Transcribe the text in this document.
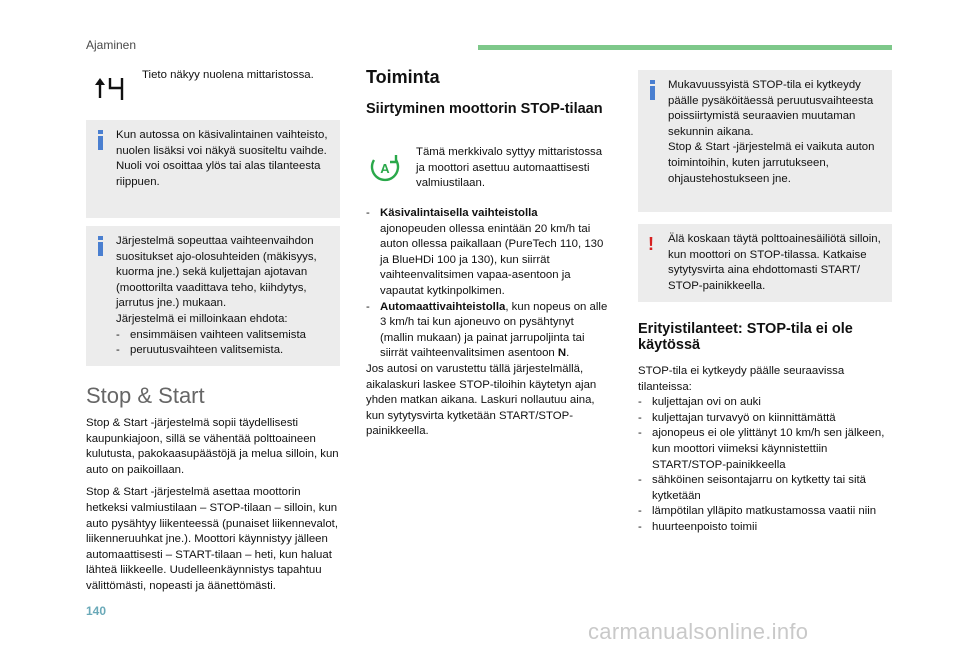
Ajaminen
Tieto näkyy nuolena mittaristossa.

Kun autossa on käsivalintainen vaihteisto, nuolen lisäksi voi näkyä suositeltu vaihde. Nuoli voi osoittaa ylös tai alas tilanteesta riippuen.

Järjestelmä sopeuttaa vaihteenvaihdon suositukset ajo-olosuhteiden (mäkisyys, kuorma jne.) sekä kuljettajan ajotavan (moottorilta vaadittava teho, kiihdytys, jarrutus jne.) mukaan.

Järjestelmä ei milloinkaan ehdota:

- ensimmäisen vaihteen valitsemista
- peruutusvaihteen valitsemista.
Stop & Start

Stop & Start -järjestelmä sopii täydellisesti kaupunkiajoon, sillä se vähentää polttoaineen kulutusta, pakokaasupäästöjä ja melua silloin, kun auto on paikoillaan.

Stop & Start -järjestelmä asettaa moottorin hetkeksi valmiustilaan – STOP-tilaan – silloin, kun auto pysähtyy liikenteessä (punaiset liikennevalot, liikenneruuhkat jne.). Moottori käynnistyy jälleen automaattisesti – START-tilaan – heti, kun haluat lähteä liikkeelle. Uudelleenkäynnistys tapahtuu välittömästi, nopeasti ja äänettömästi.

Toiminta
Siirtyminen moottorin STOP-tilaan
A
Tämä merkkivalo syttyy mittaristossa ja moottori asettuu automaattisesti valmiustilaan.
- Käsivalintaisella vaihteistolla
ajonopeuden ollessa enintään 20 km/h tai auton ollessa paikallaan (PureTech 110, 130 ja BlueHDi 100 ja 130), kun siirrät vaihteenvalitsimen vapaa-asentoon ja vapautat kytkinpolkimen.
- Automaattivaihteistolla, kun nopeus on alle 3 km/h tai kun ajoneuvo on pysähtynyt (mallin mukaan) ja painat jarrupoljinta tai siirrät vaihteenvalitsimen asentoon N.

Jos autosi on varustettu tällä järjestelmällä, aikalaskuri laskee STOP-tiloihin käytetyn ajan yhden matkan aikana. Laskuri nollautuu aina, kun sytytysvirta kytketään START/STOP-painikkeella.

Mukavuussyistä STOP-tila ei kytkeydy päälle pysäköitäessä peruutusvaihteesta poissiirtymistä seuraavien muutaman sekunnin aikana.

Stop & Start -järjestelmä ei vaikuta auton toimintoihin, kuten jarrutukseen, ohjaustehostukseen jne.

! Älä koskaan täytä polttoainesäiliötä silloin, kun moottori on STOP-tilassa. Katkaise sytytysvirta aina ehdottomasti START/ STOP-painikkeella.

Erityistilanteet: STOP-tila ei ole käytössä

STOP-tila ei kytkeydy päälle seuraavissa tilanteissa:

- kuljettajan ovi on auki
- kuljettajan turvavyö on kiinnittämättä
- ajonopeus ei ole ylittänyt 10 km/h sen jälkeen, kun moottori viimeksi käynnistettiin START/STOP-painikkeella
- sähköinen seisontajarru on kytketty tai sitä kytketään
- lämpötilan ylläpito matkustamossa vaatii niin
- huurteenpoisto toimii
140
carmanualsonline.info
